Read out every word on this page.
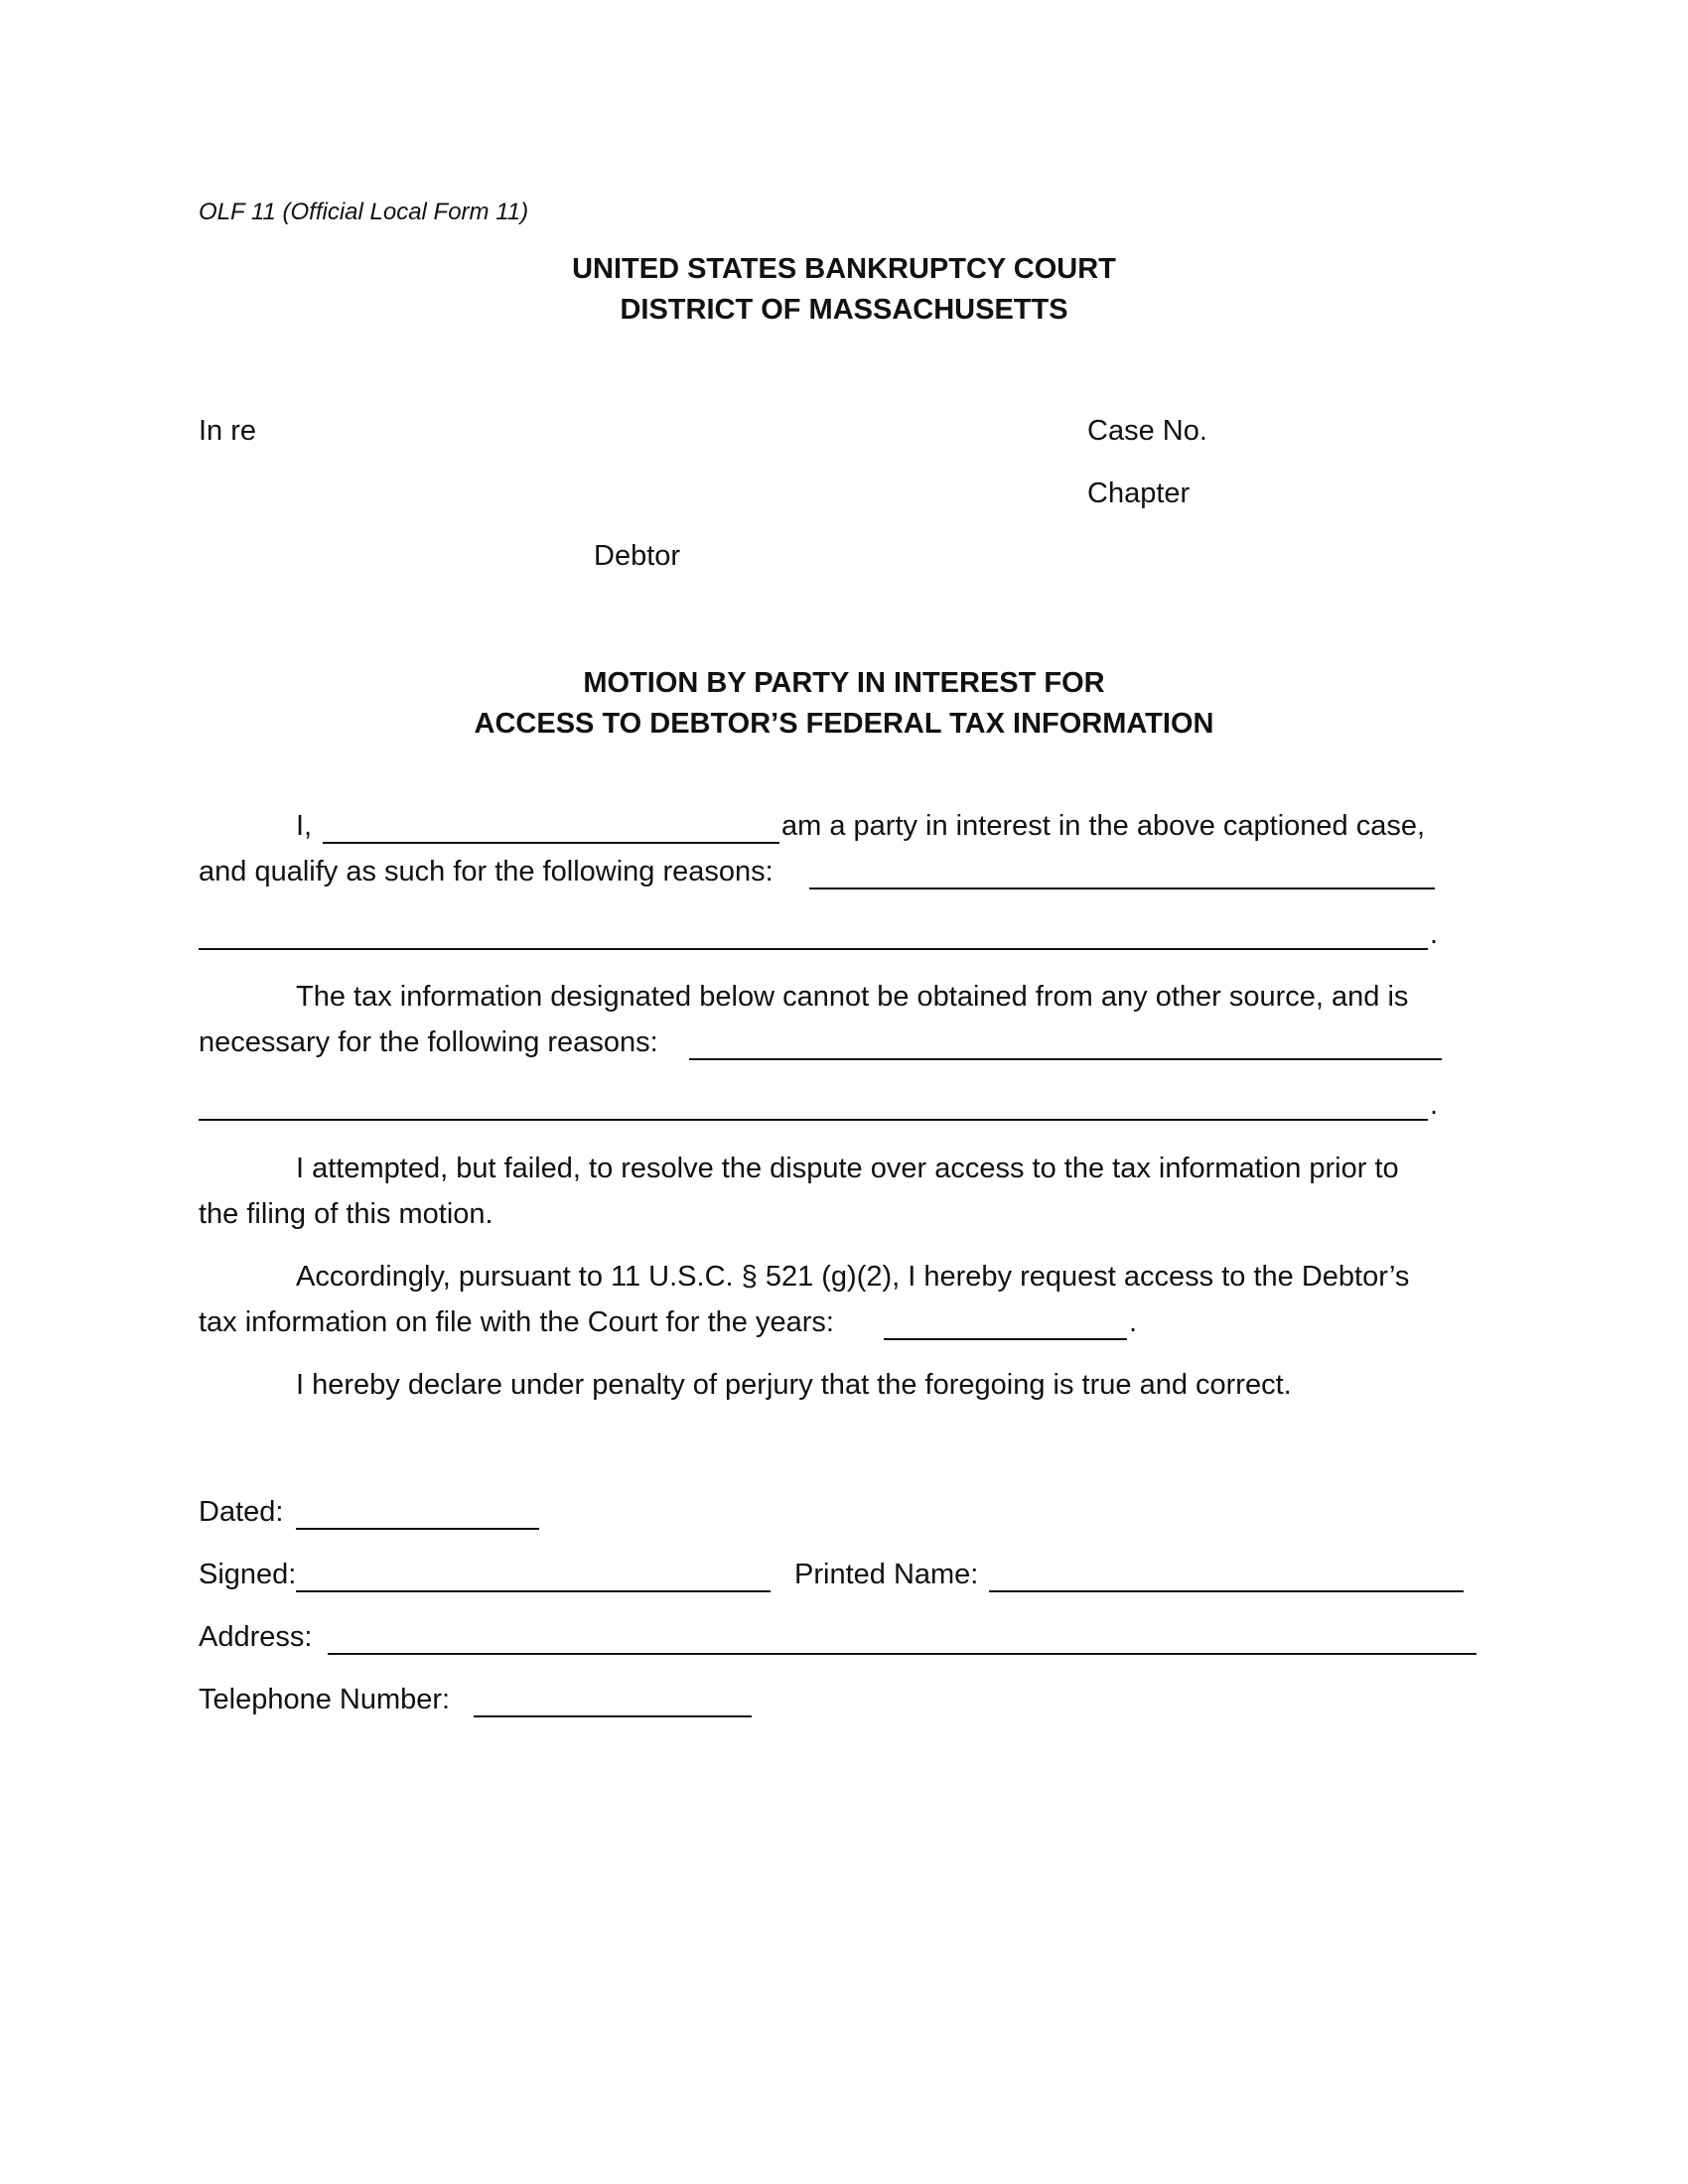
OLF 11 (Official Local Form 11)
UNITED STATES BANKRUPTCY COURT
DISTRICT OF MASSACHUSETTS
In re	Case No.
Chapter
Debtor
MOTION BY PARTY IN INTEREST FOR
ACCESS TO DEBTOR’S FEDERAL TAX INFORMATION
I,	am a party in interest in the above captioned case,
and qualify as such for the following reasons:
.
The tax information designated below cannot be obtained from any other source, and is
necessary for the following reasons:
.
I attempted, but failed, to resolve the dispute over access to the tax information prior to
the filing of this motion.
Accordingly, pursuant to 11 U.S.C. § 521 (g)(2), I hereby request access to the Debtor’s
tax information on file with the Court for the years:	.
I hereby declare under penalty of perjury that the foregoing is true and correct.
Dated:
Signed:	Printed Name:
Address:
Telephone Number:
